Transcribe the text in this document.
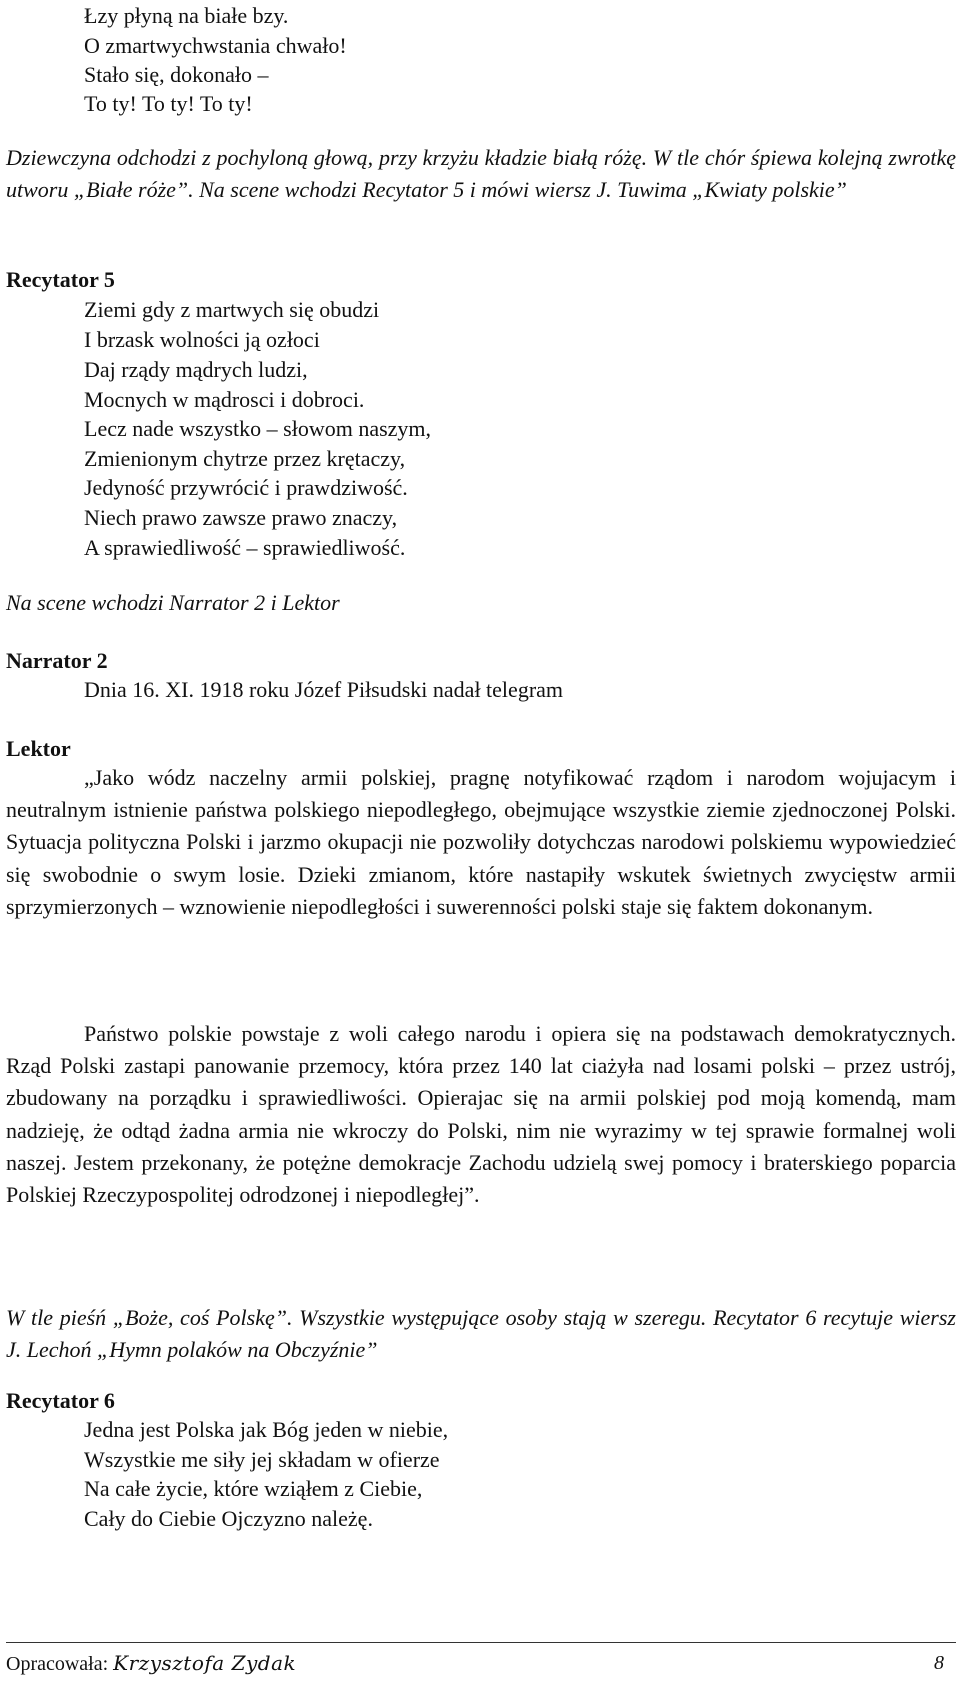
Łzy płyną na białe bzy.
O zmartwychwstania chwało!
Stało się, dokonało –
To ty! To ty! To ty!
Dziewczyna odchodzi z pochyloną głową, przy krzyżu kładzie białą różę. W tle chór śpiewa kolejną zwrotkę utworu „Białe róże”. Na scene wchodzi Recytator 5 i mówi wiersz J. Tuwima „Kwiaty polskie”
Recytator 5
Ziemi gdy z martwych się obudzi
I brzask wolności ją ozłoci
Daj rządy mądrych ludzi,
Mocnych w mądrosci i dobroci.
Lecz nade wszystko – słowom naszym,
Zmienionym chytrze przez krętaczy,
Jedyność przywrócić i prawdziwość.
Niech prawo zawsze prawo znaczy,
A sprawiedliwość – sprawiedliwość.
Na scene wchodzi Narrator 2 i Lektor
Narrator 2
Dnia 16. XI. 1918 roku Józef Piłsudski nadał telegram
Lektor
„Jako wódz naczelny armii polskiej, pragnę notyfikować rządom i narodom wojujacym i neutralnym istnienie państwa polskiego niepodległego, obejmujące wszystkie ziemie zjednoczonej Polski. Sytuacja polityczna Polski i jarzmo okupacji nie pozwoliły dotychczas narodowi polskiemu wypowiedzieć się swobodnie o swym losie. Dzieki zmianom, które nastapiły wskutek świetnych zwycięstw armii sprzymierzonych – wznowienie niepodległości i suwerenności polski staje się faktem dokonanym.
Państwo polskie powstaje z woli całego narodu i opiera się na podstawach demokratycznych. Rząd Polski zastapi panowanie przemocy, która przez 140 lat ciażyła nad losami polski – przez ustrój, zbudowany na porządku i sprawiedliwości. Opierajac się na armii polskiej pod moją komendą, mam nadzieję, że odtąd żadna armia nie wkroczy do Polski, nim nie wyrazimy w tej sprawie formalnej woli naszej. Jestem przekonany, że potężne demokracje Zachodu udzielą swej pomocy i braterskiego poparcia Polskiej Rzeczypospolitej odrodzonej i niepodległej”.
W tle pieśń „Boże, coś Polskę”. Wszystkie występujące osoby stają w szeregu. Recytator 6 recytuje wiersz J. Lechoń „Hymn polaków na Obczyźnie”
Recytator 6
Jedna jest Polska jak Bóg jeden w niebie,
Wszystkie me siły jej składam w ofierze
Na całe życie, które wziąłem z Ciebie,
Cały do Ciebie Ojczyzno należę.
Opracowała: Krzysztofa Zydak	8
